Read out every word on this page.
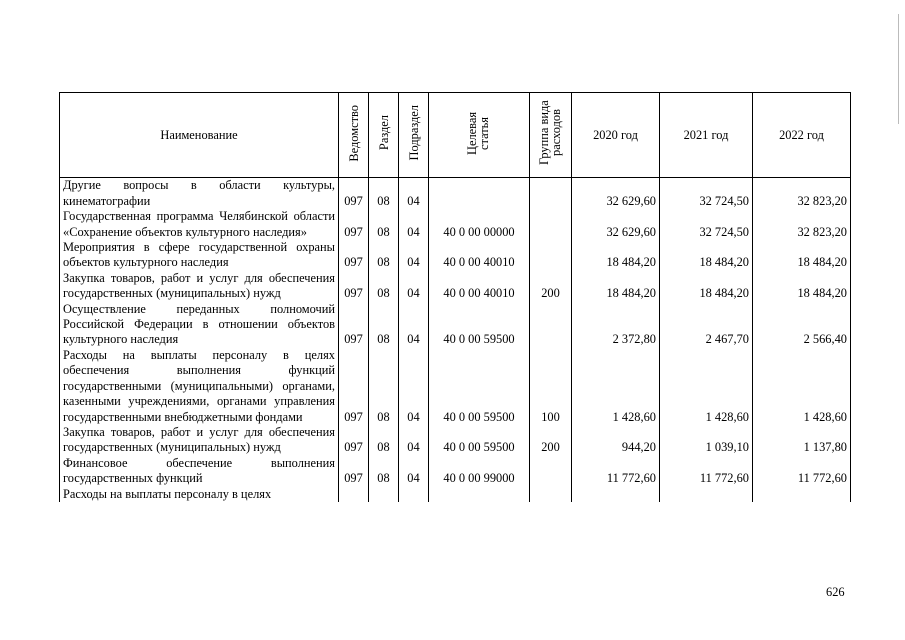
Наименование	Ведомство	Раздел	Подраздел	Целевая статья	Группа вида расходов	2020 год	2021 год	2022 год
Другие вопросы в области культуры, кинематографии	097	08	04			32 629,60	32 724,50	32 823,20
Государственная программа Челябинской области «Сохранение объектов культурного наследия»	097	08	04	40 0 00 00000		32 629,60	32 724,50	32 823,20
Мероприятия в сфере государственной охраны объектов культурного наследия	097	08	04	40 0 00 40010		18 484,20	18 484,20	18 484,20
Закупка товаров, работ и услуг для обеспечения государственных (муниципальных) нужд	097	08	04	40 0 00 40010	200	18 484,20	18 484,20	18 484,20
Осуществление переданных полномочий Российской Федерации в отношении объектов культурного наследия	097	08	04	40 0 00 59500		2 372,80	2 467,70	2 566,40
Расходы на выплаты персоналу в целях обеспечения выполнения функций государственными (муниципальными) органами, казенными учреждениями, органами управления государственными внебюджетными фондами	097	08	04	40 0 00 59500	100	1 428,60	1 428,60	1 428,60
Закупка товаров, работ и услуг для обеспечения государственных (муниципальных) нужд	097	08	04	40 0 00 59500	200	944,20	1 039,10	1 137,80
Финансовое обеспечение выполнения государственных функций	097	08	04	40 0 00 99000		11 772,60	11 772,60	11 772,60
Расходы на выплаты персоналу в целях								
626
